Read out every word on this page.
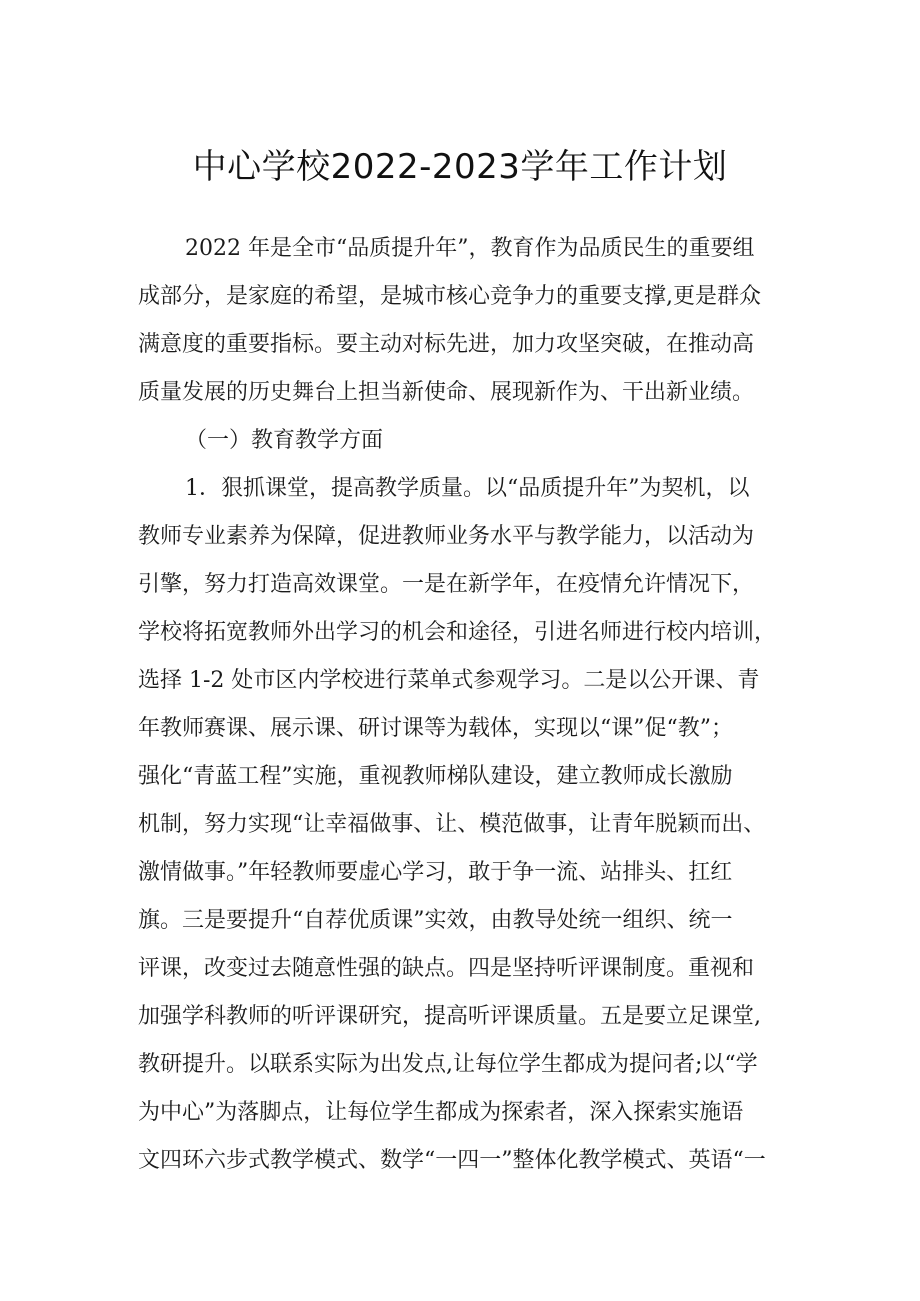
中心学校2022-2023学年工作计划
2022 年是全市“品质提升年”，教育作为品质民生的重要组
成部分，是家庭的希望，是城市核心竞争力的重要支撑,更是群众
满意度的重要指标。要主动对标先进，加力攻坚突破，在推动高
质量发展的历史舞台上担当新使命、展现新作为、干出新业绩。
（一）教育教学方面
1．狠抓课堂，提高教学质量。以“品质提升年”为契机，以
教师专业素养为保障，促进教师业务水平与教学能力，以活动为
引擎，努力打造高效课堂。一是在新学年，在疫情允许情况下，
学校将拓宽教师外出学习的机会和途径，引进名师进行校内培训，
选择 1-2 处市区内学校进行菜单式参观学习。二是以公开课、青
年教师赛课、展示课、研讨课等为载体，实现以“课”促“教”；
强化“青蓝工程”实施，重视教师梯队建设，建立教师成长激励
机制，努力实现“让幸福做事、让、模范做事，让青年脱颖而出、
激情做事。”年轻教师要虚心学习，敢于争一流、站排头、扛红
旗。三是要提升“自荐优质课”实效，由教导处统一组织、统一
评课，改变过去随意性强的缺点。四是坚持听评课制度。重视和
加强学科教师的听评课研究，提高听评课质量。五是要立足课堂,
教研提升。以联系实际为出发点,让每位学生都成为提问者;以“学
为中心”为落脚点，让每位学生都成为探索者，深入探索实施语
文四环六步式教学模式、数学“一四一”整体化教学模式、英语“一
